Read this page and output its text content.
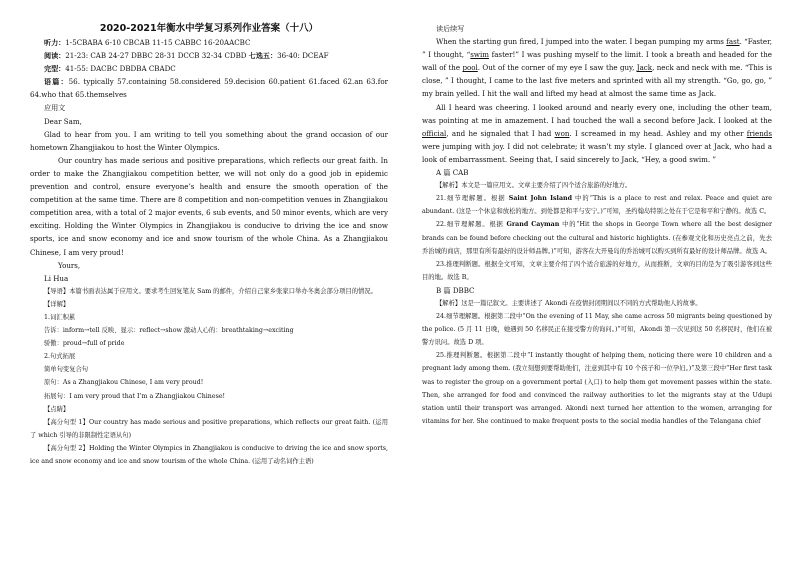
2020-2021年衡水中学复习系列作业答案（十八）

听力：1-5CBABA 6-10 CBCAB 11-15 CABBC 16-20AACBC

阅读：21-23: CAB 24-27 DBBC 28-31 DCCB 32-34 CDBD 七选五：36-40: DCEAF

完型：41-55: DACBC DBDBA CBADC

语篇：56. typically 57.containing 58.considered 59.decision 60.patient 61.faced 62.an 63.for 64.who that 65.themselves

应用文

Dear Sam,

Glad to hear from you. I am writing to tell you something about the grand occasion of our hometown Zhangjiakou to host the Winter Olympics.

Our country has made serious and positive preparations, which reflects our great faith. In order to make the Zhangjiakou competition better, we will not only do a good job in epidemic prevention and control, ensure everyone’s health and ensure the smooth operation of the competition at the same time. There are 8 competition and non-competition venues in Zhangjiakou competition area, with a total of 2 major events, 6 sub events, and 50 minor events, which are very exciting. Holding the Winter Olympics in Zhangjiakou is conducive to driving the ice and snow sports, ice and snow economy and ice and snow tourism of the whole China. As a Zhangjiakou Chinese, I am very proud!

Yours,

Li Hua

【导语】本篇书面表达属于应用文。要求考生回复笔友 Sam 的邮件，介绍自己家乡张家口举办冬奥会部分项目的情况。

【详解】

1.词汇积累

告诉：inform→tell 反映、显示：reflect→show 激动人心的：breathtaking→exciting

骄傲：proud→full of pride

2.句式拓展

简单句变复合句

原句：As a Zhangjiakou Chinese, I am very proud!

拓展句：I am very proud that I’m a Zhangjiakou Chinese!

【点睛】

【高分句型 1】Our country has made serious and positive preparations, which reflects our great faith. (运用了 which 引导的非限制性定语从句)

【高分句型 2】Holding the Winter Olympics in Zhangjiakou is conducive to driving the ice and snow sports, ice and snow economy and ice and snow tourism of the whole China. (运用了动名词作主语)

读后续写

When the starting gun fired, I jumped into the water. I began pumping my arms fast. “Faster, ” I thought, “swim faster!” I was pushing myself to the limit. I took a breath and headed for the wall of the pool. Out of the corner of my eye I saw the guy, Jack, neck and neck with me. “This is close, ” I thought, I came to the last five meters and sprinted with all my strength. “Go, go, go, ” my brain yelled. I hit the wall and lifted my head at almost the same time as Jack.

All I heard was cheering. I looked around and nearly every one, including the other team, was pointing at me in amazement. I had touched the wall a second before Jack. I looked at the official, and he signaled that I had won. I screamed in my head. Ashley and my other friends were jumping with joy. I did not celebrate; it wasn’t my style. I glanced over at Jack, who had a look of embarrassment. Seeing that, I said sincerely to Jack, “Hey, a good swim. ”

A 篇 CAB

【解析】本文是一篇应用文。文章主要介绍了四个适合旅游的好地方。

21.细节理解题。根据 Saint John Island 中的“This is a place to rest and relax. Peace and quiet are abundant. (这是一个休息和放松的地方。到处都是和平与安宁。)”可知，圣约翰岛特别之处在于它是和平和宁静的。故选 C。

22.细节理解题。根据 Grand Cayman 中的“Hit the shops in George Town where all the best designer brands can be found before checking out the cultural and historic highlights. (在参观文化和历史亮点之前，先去乔治城的商店，那里有所有最好的设计师品牌。)”可知，游客在大开曼岛的乔治城可以购买到所有最好的设计师品牌。故选 A。

23.推理判断题。根据全文可知，文章主要介绍了四个适合旅游的好地方，从而推断，文章的目的是为了吸引游客到这些目的地。故选 B。

B 篇 DBBC

【解析】这是一篇记叙文。主要讲述了 Akondi 在疫情封闭期间以不同的方式帮助他人的故事。

24.细节理解题。根据第二段中“On the evening of 11 May, she came across 50 migrants being questioned by the police. (5 月 11 日晚，她遇到 50 名移民正在接受警方的询问。)”可知，Akondi 第一次见到这 50 名移民时，他们在被警方讯问。故选 D 项。

25.推理判断题。根据第二段中“I instantly thought of helping them, noticing there were 10 children and a pregnant lady among them. (我立刻想到要帮助他们，注意到其中有 10 个孩子和一位孕妇。)”及第三段中“Her first task was to register the group on a government portal (入口) to help them get movement passes within the state. Then, she arranged for food and convinced the railway authorities to let the migrants stay at the Udupi station until their transport was arranged. Akondi next turned her attention to the women, arranging for vitamins for her. She continued to make frequent posts to the social media handles of the Telangana chief
